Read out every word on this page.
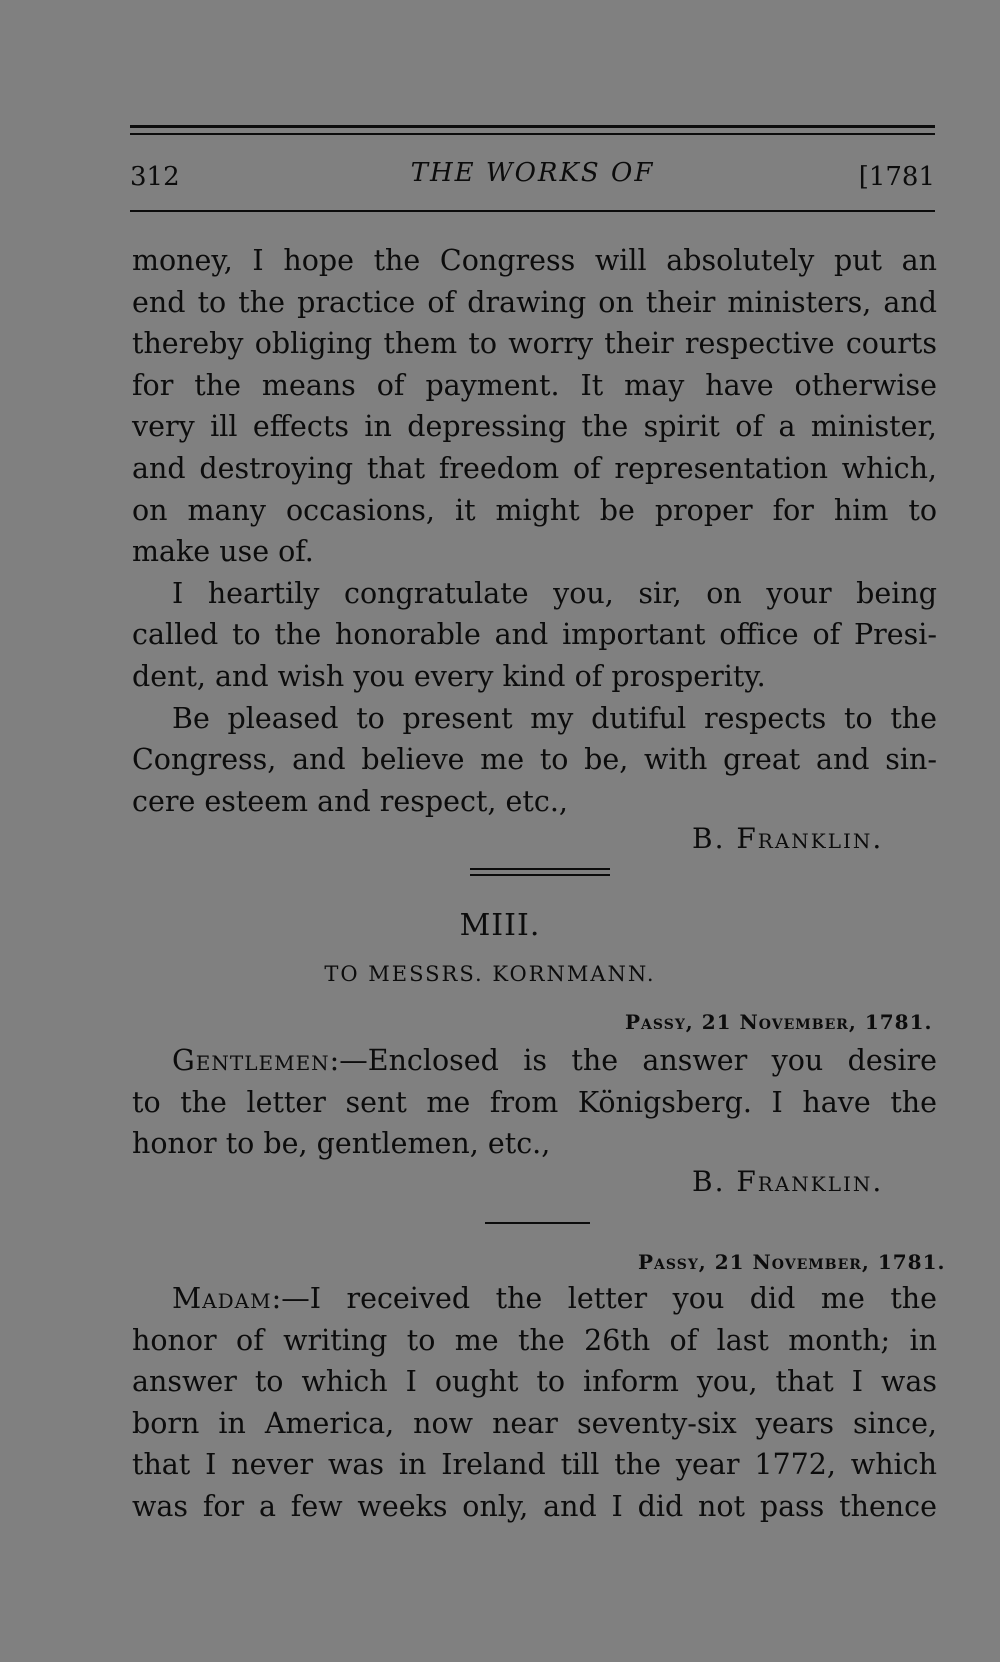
312	THE WORKS OF	[1781
money, I hope the Congress will absolutely put an
end to the practice of drawing on their ministers, and
thereby obliging them to worry their respective courts
for the means of payment. It may have otherwise
very ill effects in depressing the spirit of a minister,
and destroying that freedom of representation which,
on many occasions, it might be proper for him to
make use of.
I heartily congratulate you, sir, on your being
called to the honorable and important office of Presi-
dent, and wish you every kind of prosperity.
Be pleased to present my dutiful respects to the
Congress, and believe me to be, with great and sin-
cere esteem and respect, etc.,
B. Franklin.
MIII.
TO MESSRS. KORNMANN.
Passy, 21 November, 1781.
Gentlemen:—Enclosed is the answer you desire
to the letter sent me from Königsberg. I have the
honor to be, gentlemen, etc.,
B. Franklin.
Passy, 21 November, 1781.
Madam:—I received the letter you did me the
honor of writing to me the 26th of last month; in
answer to which I ought to inform you, that I was
born in America, now near seventy-six years since,
that I never was in Ireland till the year 1772, which
was for a few weeks only, and I did not pass thence
